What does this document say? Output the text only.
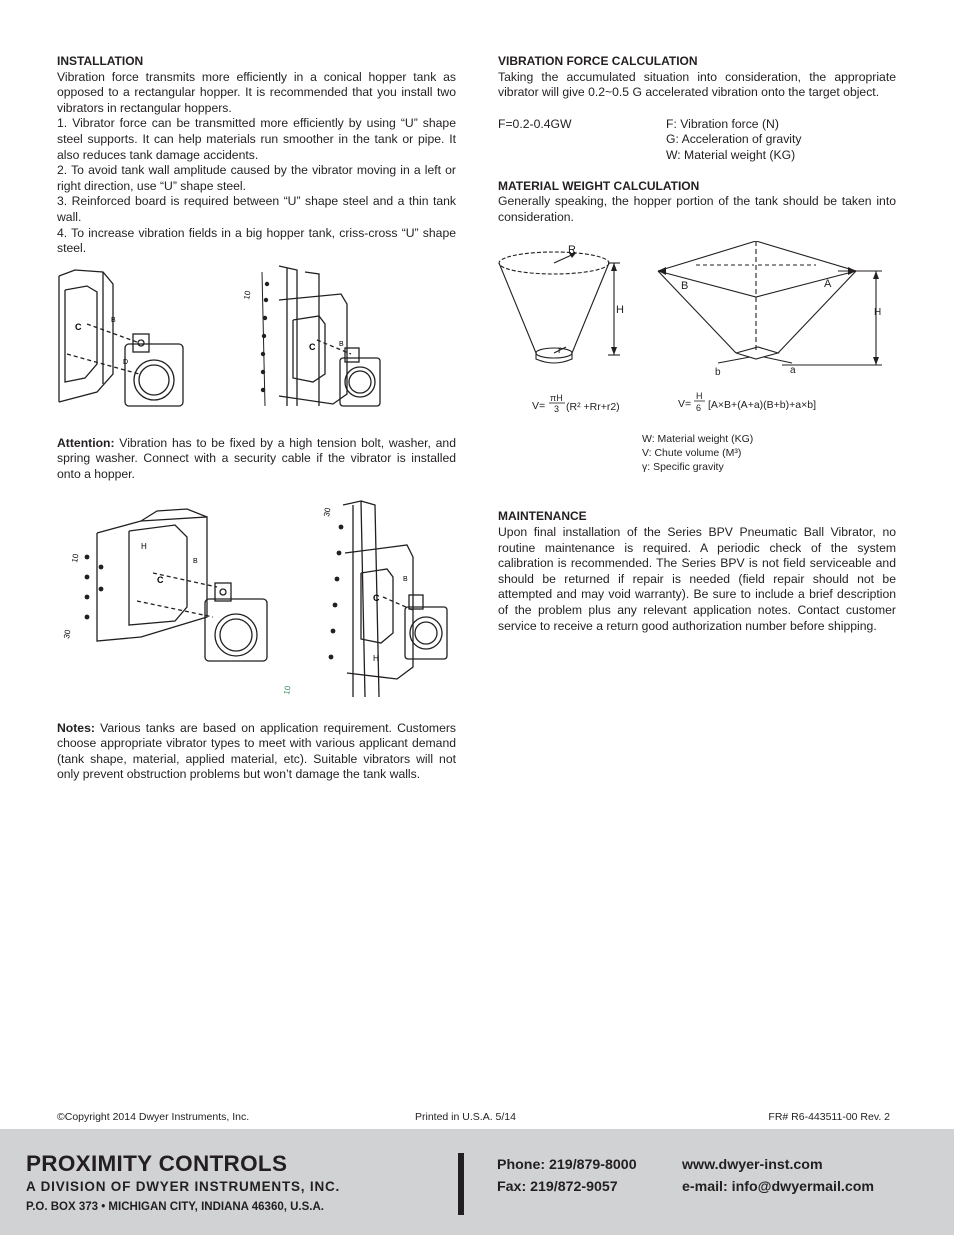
INSTALLATION

Vibration force transmits more efficiently in a conical hopper tank as opposed to a rectangular hopper. It is recommended that you install two vibrators in rectangular hoppers.

1. Vibrator force can be transmitted more efficiently by using “U” shape steel supports. It can help materials run smoother in the tank or pipe. It also reduces tank damage accidents.

2. To avoid tank wall amplitude caused by the vibrator moving in a left or right direction, use “U” shape steel.

3. Reinforced board is required between “U” shape steel and a thin tank wall.

4. To increase vibration fields in a big hopper tank, criss-cross “U” shape steel.

C
B
D
C	B
10

Attention: Vibration has to be fixed by a high tension bolt, washer, and spring washer. Connect with a security cable if the vibrator is installed onto a hopper.

H
C
B
10
30
C
B
H
30
10

Notes: Various tanks are based on application requirement. Customers choose appropriate vibrator types to meet with various applicant demand (tank shape, material, applied material, etc). Suitable vibrators will not only prevent obstruction problems but won’t damage the tank walls.

VIBRATION FORCE CALCULATION

Taking the accumulated situation into consideration, the appropriate vibrator will give 0.2~0.5 G accelerated vibration onto the target object.

F=0.2-0.4GW	F: Vibration force (N)
G: Acceleration of gravity
W: Material weight (KG)

MATERIAL WEIGHT CALCULATION

Generally speaking, the hopper portion of the tank should be taken into consideration.

R
H
r
B	A
H
b	a
V=
πH
3 (R² +Rr+r2)	V=
H
6 [A×B+(A+a)(B+b)+a×b]
W: Material weight (KG)
V: Chute volume (M³)
γ: Specific gravity

MAINTENANCE

Upon final installation of the Series BPV Pneumatic Ball Vibrator, no routine maintenance is required. A periodic check of the system calibration is recommended. The Series BPV is not field serviceable and should be returned if repair is needed (field repair should not be attempted and may void warranty). Be sure to include a brief description of the problem plus any relevant application notes. Contact customer service to receive a return good authorization number before shipping.

©Copyright 2014 Dwyer Instruments, Inc.	Printed in U.S.A. 5/14	FR# R6-443511-00 Rev. 2
PROXIMITY CONTROLS
A DIVISION OF DWYER INSTRUMENTS, INC.
P.O. BOX 373 • MICHIGAN CITY, INDIANA 46360, U.S.A.
Phone: 219/879-8000
Fax: 219/872-9057
www.dwyer-inst.com
e-mail: info@dwyermail.com
